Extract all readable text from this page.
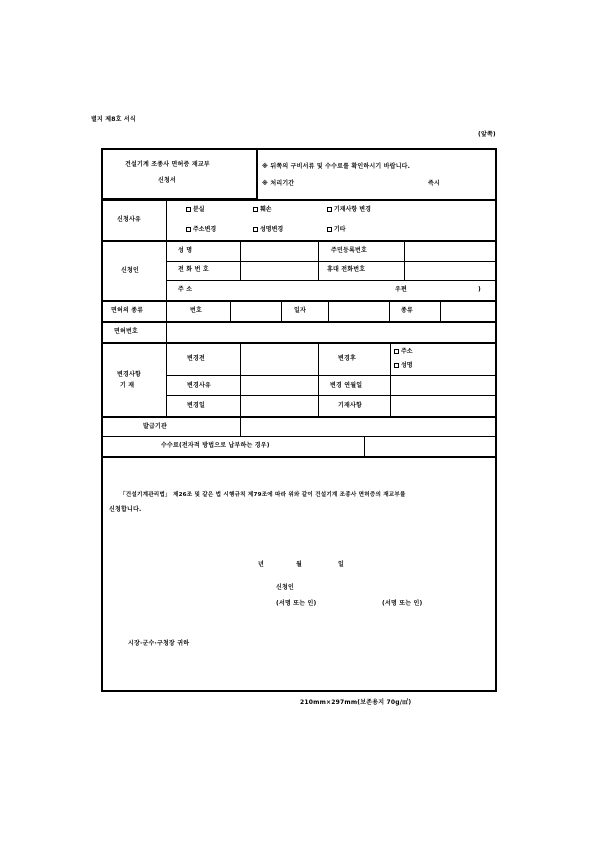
별지 제8호 서식
(앞쪽)
건설기계 조종사 면허증 재교부
신청서
※ 뒤쪽의 구비서류 및 수수료를 확인하시기 바랍니다.
※ 처리기간	즉시
신청사유
분실	훼손	기재사항 변경
주소변경	성명변경	기타
신청인
성 명	주민등록번호
전 화 번 호	휴대 전화번호
주 소	우편	)
면허의 종류	번호	일자	종류
면허번호
변경사항
기 재
변경전	변경후
주소
성명
변경사유	변경 연월일
변경일	기재사항
발급기관
수수료(전자적 방법으로 납부하는 경우)
「건설기계관리법」 제26조 및 같은 법 시행규칙 제79조에 따라 위와 같이 건설기계 조종사 면허증의 재교부를
신청합니다.
년	월	일
신청인
(서명 또는 인)	(서명 또는 인)
시장·군수·구청장 귀하
210mm×297mm(보존용지 70g/㎡)
